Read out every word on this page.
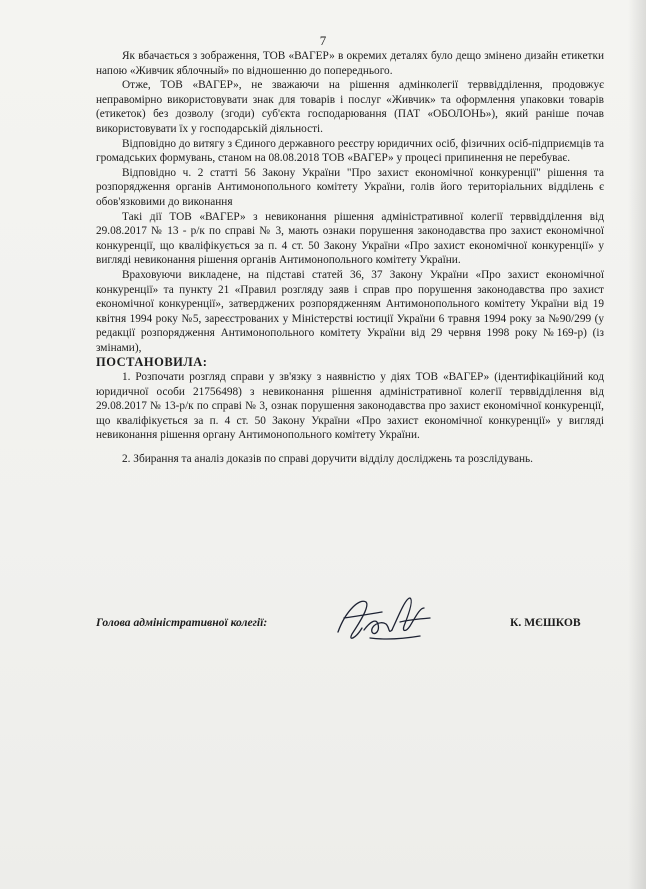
7

Як вбачається з зображення, ТОВ «ВАГЕР» в окремих деталях було дещо змінено дизайн етикетки напою «Живчик яблочный» по відношенню до попереднього.

Отже, ТОВ «ВАГЕР», не зважаючи на рішення адмінколегії терввідділення, продовжує неправомірно використовувати знак для товарів і послуг «Живчик» та оформлення упаковки товарів (етикеток) без дозволу (згоди) суб'єкта господарювання (ПАТ «ОБОЛОНЬ»), який раніше почав використовувати їх у господарській діяльності.

Відповідно до витягу з Єдиного державного реєстру юридичних осіб, фізичних осіб-підприємців та громадських формувань, станом на 08.08.2018 ТОВ «ВАГЕР» у процесі припинення не перебуває.

Відповідно ч. 2 статті 56 Закону України "Про захист економічної конкуренції" рішення та розпорядження органів Антимонопольного комітету України, голів його територіальних відділень є обов'язковими до виконання

Такі дії ТОВ «ВАГЕР» з невиконання рішення адміністративної колегії терввідділення від 29.08.2017 № 13 - р/к по справі № 3, мають ознаки порушення законодавства про захист економічної конкуренції, що кваліфікується за п. 4 ст. 50 Закону України «Про захист економічної конкуренції» у вигляді невиконання рішення органів Антимонопольного комітету України.

Враховуючи викладене, на підставі статей 36, 37 Закону України «Про захист економічної конкуренції» та пункту 21 «Правил розгляду заяв і справ про порушення законодавства про захист економічної конкуренції», затверджених розпорядженням Антимонопольного комітету України від 19 квітня 1994 року №5, зареєстрованих у Міністерстві юстиції України 6 травня 1994 року за №90/299 (у редакції розпорядження Антимонопольного комітету України від 29 червня 1998 року №169-р) (із змінами),

ПОСТАНОВИЛА:

1. Розпочати розгляд справи у зв'язку з наявністю у діях ТОВ «ВАГЕР» (ідентифікаційний код юридичної особи 21756498) з невиконання рішення адміністративної колегії терввідділення від 29.08.2017 № 13-р/к по справі № 3, ознак порушення законодавства про захист економічної конкуренції, що кваліфікується за п. 4 ст. 50 Закону України «Про захист економічної конкуренції» у вигляді невиконання рішення органу Антимонопольного комітету України.

2. Збирання та аналіз доказів по справі доручити відділу досліджень та розслідувань.

Голова адміністративної колегії:	К. МЄШКОВ
